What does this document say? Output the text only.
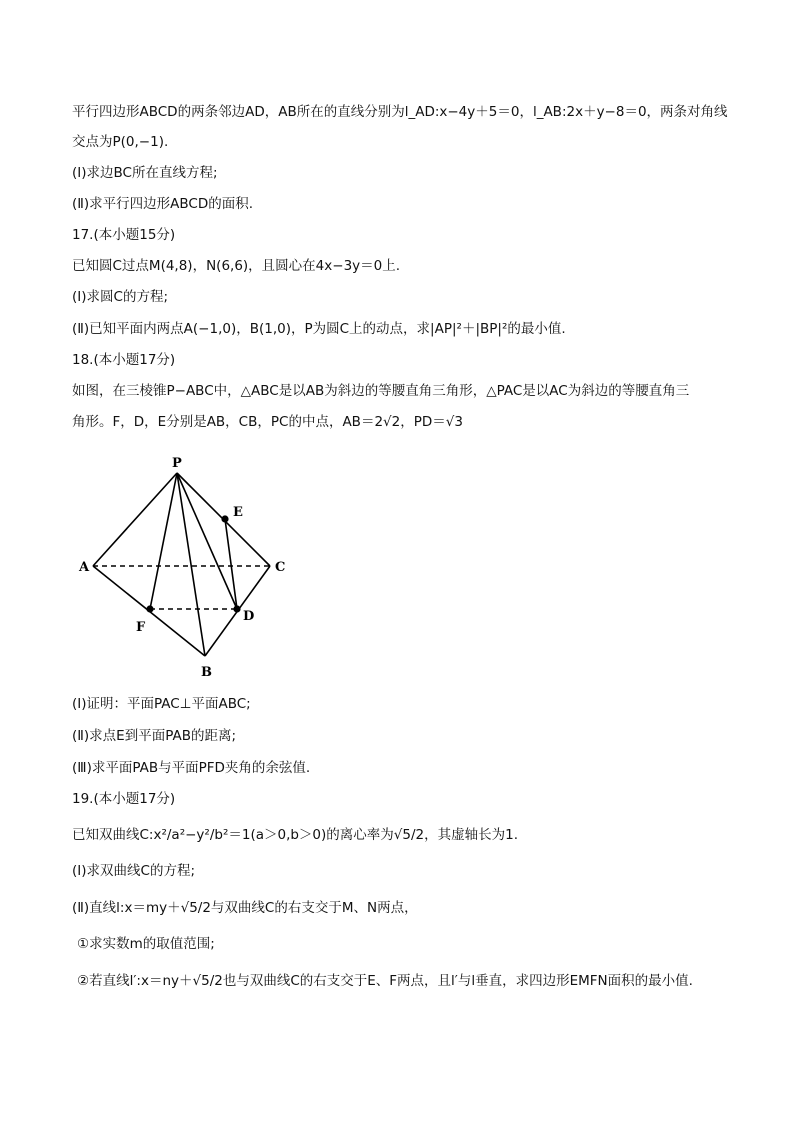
平行四边形ABCD的两条邻边AD，AB所在的直线分别为l_AD:x−4y＋5＝0，l_AB:2x＋y−8＝0，两条对角线
交点为P(0,−1).
(Ⅰ)求边BC所在直线方程;
(Ⅱ)求平行四边形ABCD的面积.
17.(本小题15分)
已知圆C过点M(4,8)，N(6,6)，且圆心在4x−3y＝0上.
(Ⅰ)求圆C的方程;
(Ⅱ)已知平面内两点A(−1,0)，B(1,0)，P为圆C上的动点，求|AP|²＋|BP|²的最小值.
18.(本小题17分)
如图，在三棱锥P−ABC中，△ABC是以AB为斜边的等腰直角三角形，△PAC是以AC为斜边的等腰直角三
角形。F，D，E分别是AB，CB，PC的中点，AB＝2√2，PD＝√3
P
E
A	C
F
D
B
(Ⅰ)证明：平面PAC⊥平面ABC;
(Ⅱ)求点E到平面PAB的距离;
(Ⅲ)求平面PAB与平面PFD夹角的余弦值.
19.(本小题17分)
已知双曲线C:x²/a²−y²/b²＝1(a＞0,b＞0)的离心率为√5/2，其虚轴长为1.
(Ⅰ)求双曲线C的方程;
(Ⅱ)直线l:x＝my＋√5/2与双曲线C的右支交于M、N两点，
①求实数m的取值范围;
②若直线l′:x＝ny＋√5/2也与双曲线C的右支交于E、F两点，且l′与l垂直，求四边形EMFN面积的最小值.
